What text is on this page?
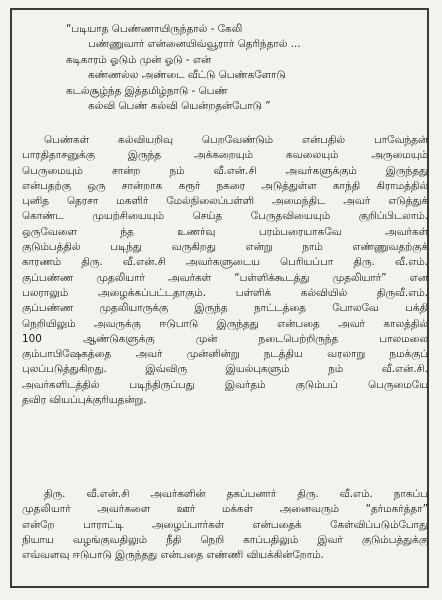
“படியாத பெண்ணாயிருந்தால் - கேலி
பண்ணுவார் என்னையிவ்வூரார் தெரிந்தால் ...
கடிகாரம் ஓடும் முன் ஓடு - என்
கண்ணல்ல அண்டை வீட்டு பெண்களோடு
கடல்சூழ்ந்த இத்தமிழ்நாடு - பெண்
கல்வி பெண் கல்வி யென்றதன்போடு ”
பெண்கள் கல்வியறிவு பெறவேண்டும் என்பதில் பாவேந்தன்
பாரதிதாசனுக்கு இருந்த அக்கறையும் கவலையும் அருமையும்
பெருமையும் சான்ற நம் வீ.என்.சி அவர்களுக்கும் இருந்தது
என்பதற்கு ஒரு சான்றாக கரூர் நகரை அடுத்துள்ள காந்தி கிராமத்தில்
புனித தெரசா மகளிர் மேல்நிலைப்பள்ளி அமைந்திட அவர் எடுத்துக்
கொண்ட முயற்சியையும் செய்த பேருதவியையும் குறிப்பிடலாம்.
ஒருவேளை ந்த உணர்வு பரம்பரையாகவே அவர்கள்
குடும்பத்தில் படிந்து வருகிறது என்று நாம் எண்ணுவதற்குக்
காரணம் திரு. வீ.என்.சி அவர்களுடைய பெரியப்பா திரு. வீ.எம்.
குப்பண்ண முதலியார் அவர்கள் “பள்ளிக்கூடத்து முதலியார்” என
பலராலும் அழைக்கப்பட்டதாகும். பள்ளிக் கல்வியில் திருவீ.எம்.
குப்பண்ண முதலியாருக்கு இருந்த நாட்டத்தை போலவே பக்தி
நெறியிலும் அவருக்கு ஈடுபாடு இருந்தது என்பதை அவர் காலத்தில்
100 ஆண்டுகளுக்கு முன் நடைபெற்றிருந்த பாலமலை
கும்பாபிஷேகத்தை அவர் முன்னின்று நடத்திய வரலாறு நமக்குப்
புலப்படுத்துகிறது. இவ்விரு இயல்புகளும் நம் வீ.என்.சி.
அவர்களிடத்தில் படிந்திருப்பது இவர்தம் குடும்பப் பெருமையே
தவிர வியப்புக்குரியதன்று.
திரு. வீ.என்.சி அவர்களின் தகப்பனார் திரு. வீ.எம். நாகப்ப
முதலியார் அவர்களை ஊர் மக்கள் அனைவரும் “தர்மகர்த்தா”
என்றே பாராட்டி அழைப்பார்கள் என்பதைக் கேள்விப்படும்போது
நியாய வழங்குவதிலும் நீதி நெறி காப்பதிலும் இவர் குடும்பத்துக்கு
எவ்வளவு ஈடுபாடு இருந்தது என்பதை எண்ணி வியக்கின்றோம்.
